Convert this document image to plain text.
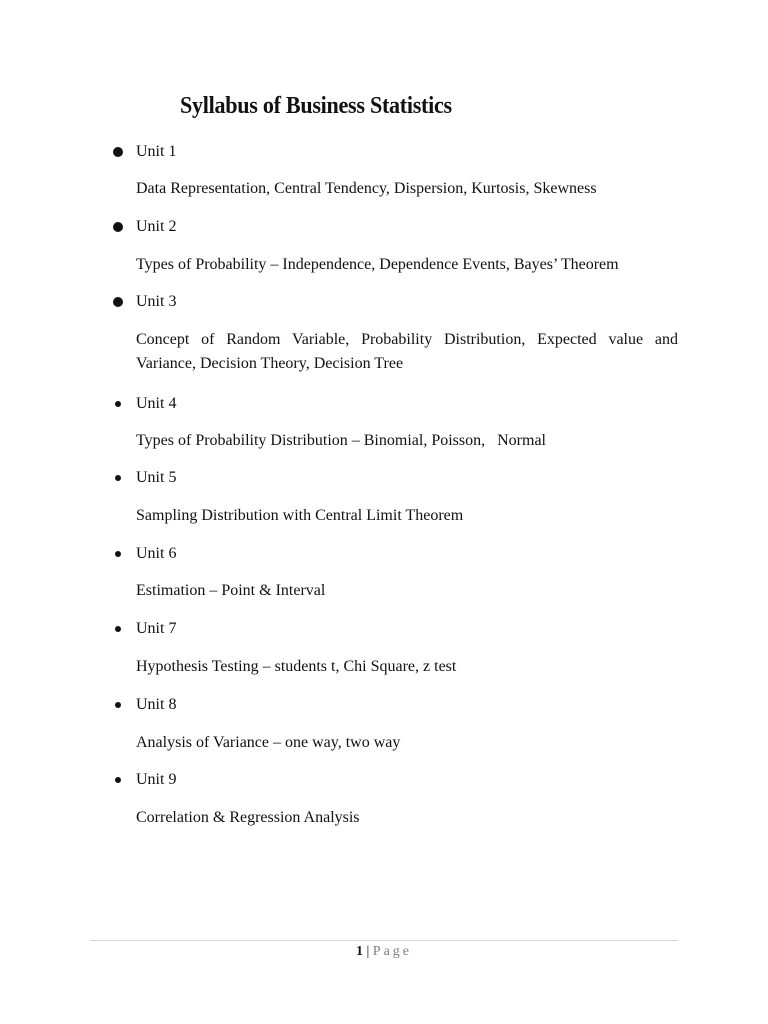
Syllabus of Business Statistics
Unit 1
Data Representation, Central Tendency, Dispersion, Kurtosis, Skewness
Unit 2
Types of Probability – Independence, Dependence Events, Bayes’ Theorem
Unit 3
Concept of Random Variable, Probability Distribution, Expected value and Variance, Decision Theory, Decision Tree
Unit 4
Types of Probability Distribution – Binomial, Poisson,   Normal
Unit 5
Sampling Distribution with Central Limit Theorem
Unit 6
Estimation – Point & Interval
Unit 7
Hypothesis Testing – students t, Chi Square, z test
Unit 8
Analysis of Variance – one way, two way
Unit 9
Correlation & Regression Analysis
1 | Page
